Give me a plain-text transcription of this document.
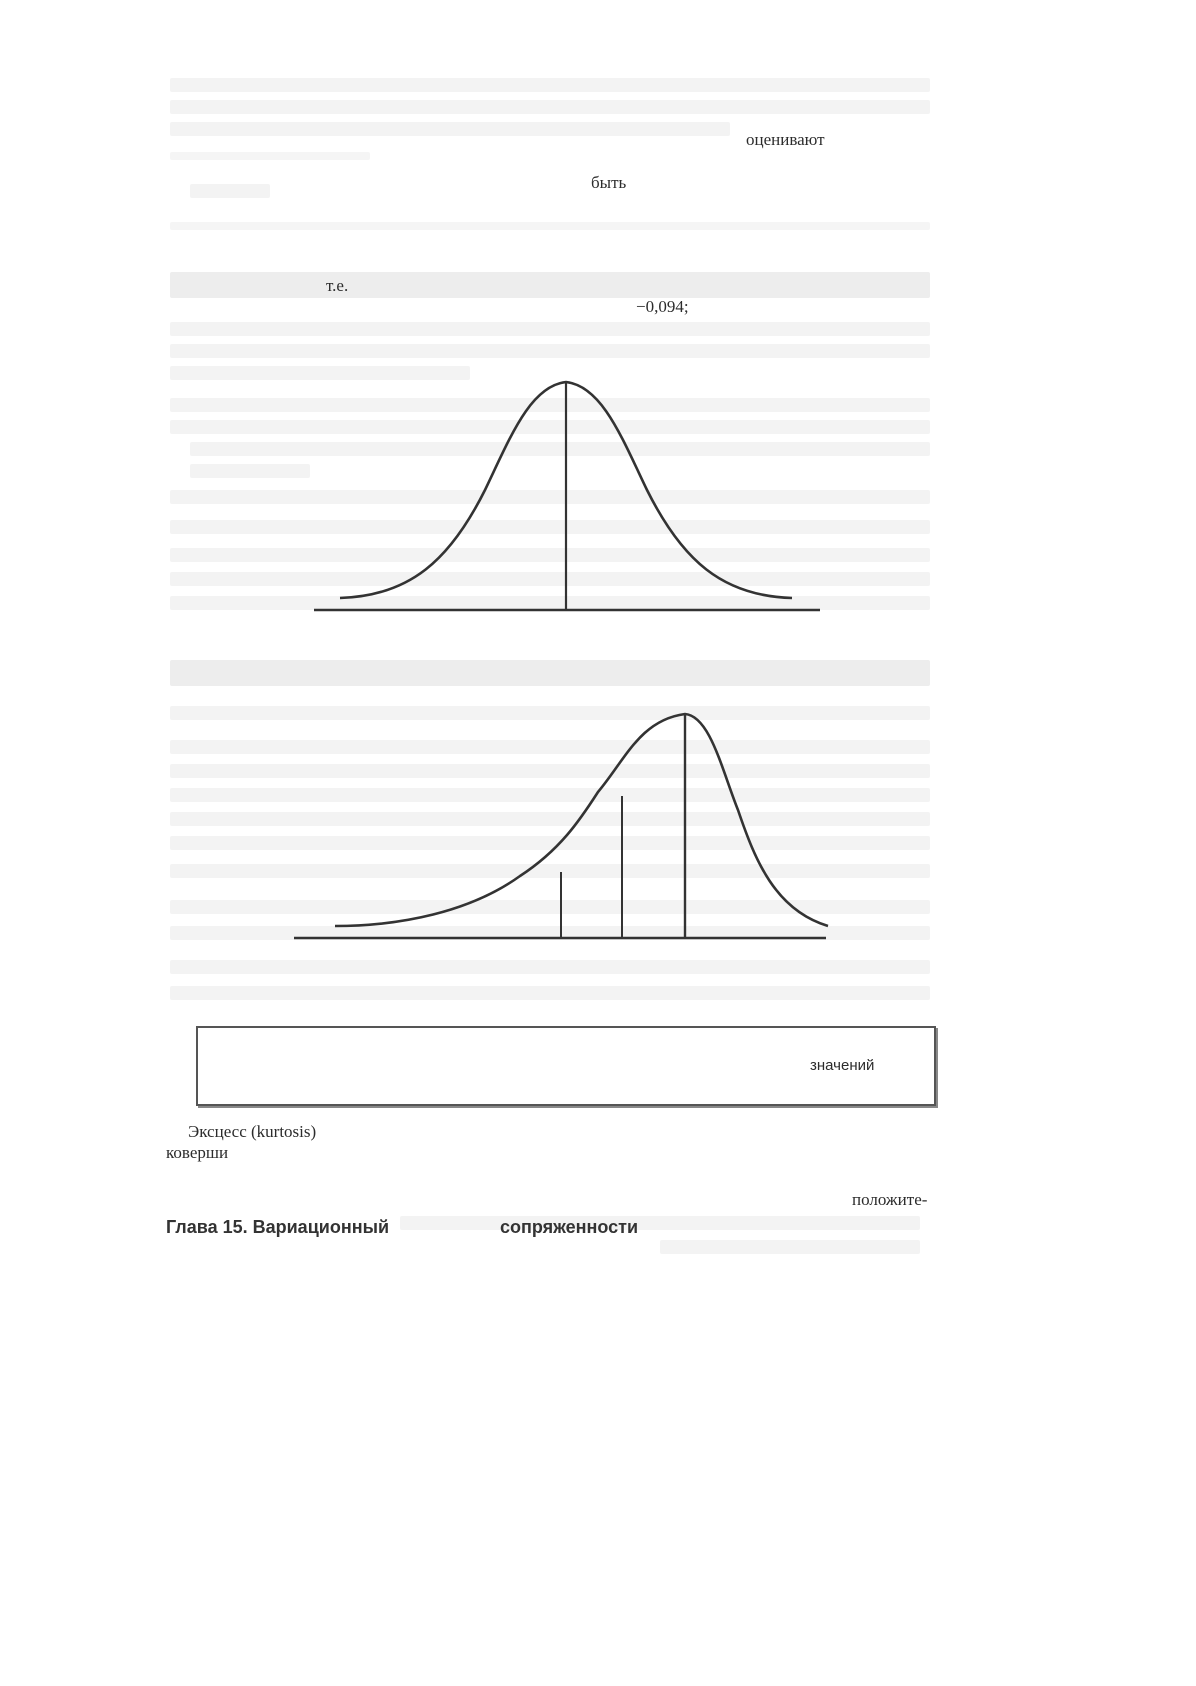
оценивают
быть
т.е.
−0,094;
значений
Эксцесс (kurtosis)
коверши
положите-
Глава 15. Вариационный	сопряженности
